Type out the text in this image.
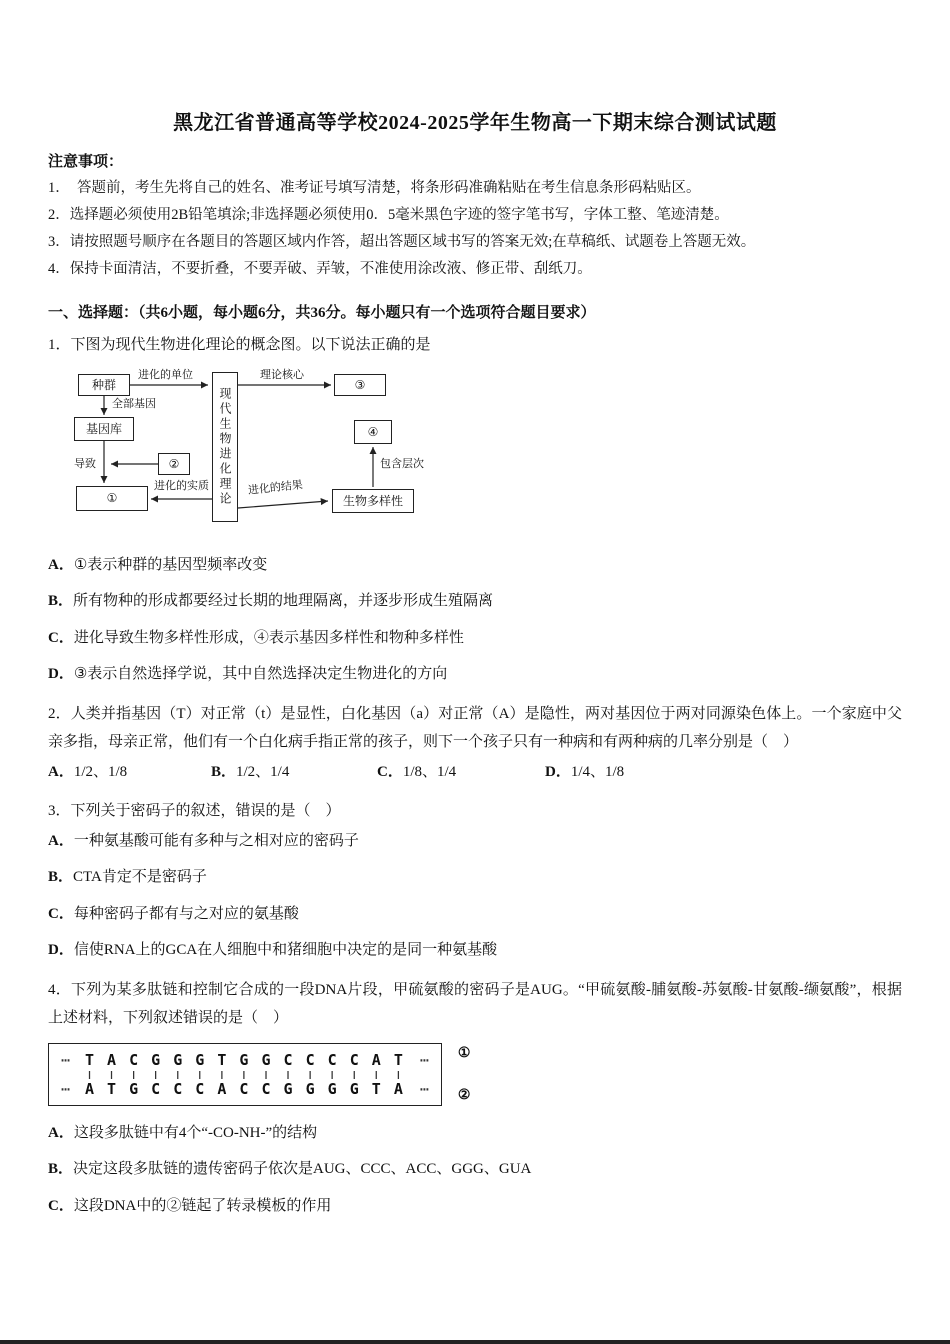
黑龙江省普通高等学校2024-2025学年生物高一下期末综合测试试题

注意事项：

1．　答题前，考生先将自己的姓名、准考证号填写清楚，将条形码准确粘贴在考生信息条形码粘贴区。

2．选择题必须使用2B铅笔填涂;非选择题必须使用0．5毫米黑色字迹的签字笔书写，字体工整、笔迹清楚。

3．请按照题号顺序在各题目的答题区域内作答，超出答题区域书写的答案无效;在草稿纸、试题卷上答题无效。

4．保持卡面清洁，不要折叠，不要弄破、弄皱，不准使用涂改液、修正带、刮纸刀。

一、选择题：（共6小题，每小题6分，共36分。每小题只有一个选项符合题目要求）

1．下图为现代生物进化理论的概念图。以下说法正确的是

种群
基因库
①
②	现代生物进化理论
③
④
生物多样性
进化的单位	理论核心
全部基因
导致	包含层次
进化的实质	进化的结果

A．①表示种群的基因型频率改变

B．所有物种的形成都要经过长期的地理隔离，并逐步形成生殖隔离

C．进化导致生物多样性形成，④表示基因多样性和物种多样性

D．③表示自然选择学说，其中自然选择决定生物进化的方向

2．人类并指基因（T）对正常（t）是显性，白化基因（a）对正常（A）是隐性，两对基因位于两对同源染色体上。一个家庭中父亲多指，母亲正常，他们有一个白化病手指正常的孩子，则下一个孩子只有一种病和有两种病的几率分别是（　）

A．1/2、1/8	B．1/2、1/4	C．1/8、1/4	D．1/4、1/8

3．下列关于密码子的叙述，错误的是（　）

A．一种氨基酸可能有多种与之相对应的密码子

B．CTA肯定不是密码子

C．每种密码子都有与之对应的氨基酸

D．信使RNA上的GCA在人细胞中和猪细胞中决定的是同一种氨基酸

4．下列为某多肽链和控制它合成的一段DNA片段，甲硫氨酸的密码子是AUG。“甲硫氨酸-脯氨酸-苏氨酸-甘氨酸-缬氨酸”，根据上述材料，下列叙述错误的是（　）

⋯ T A C G G G T G G C C C C A T ⋯
| | | | | | | | | | | | | | |
⋯ A T G C C C A C C G G G G T A ⋯
①
②

A．这段多肽链中有4个“-CO-NH-”的结构

B．决定这段多肽链的遗传密码子依次是AUG、CCC、ACC、GGG、GUA

C．这段DNA中的②链起了转录模板的作用
